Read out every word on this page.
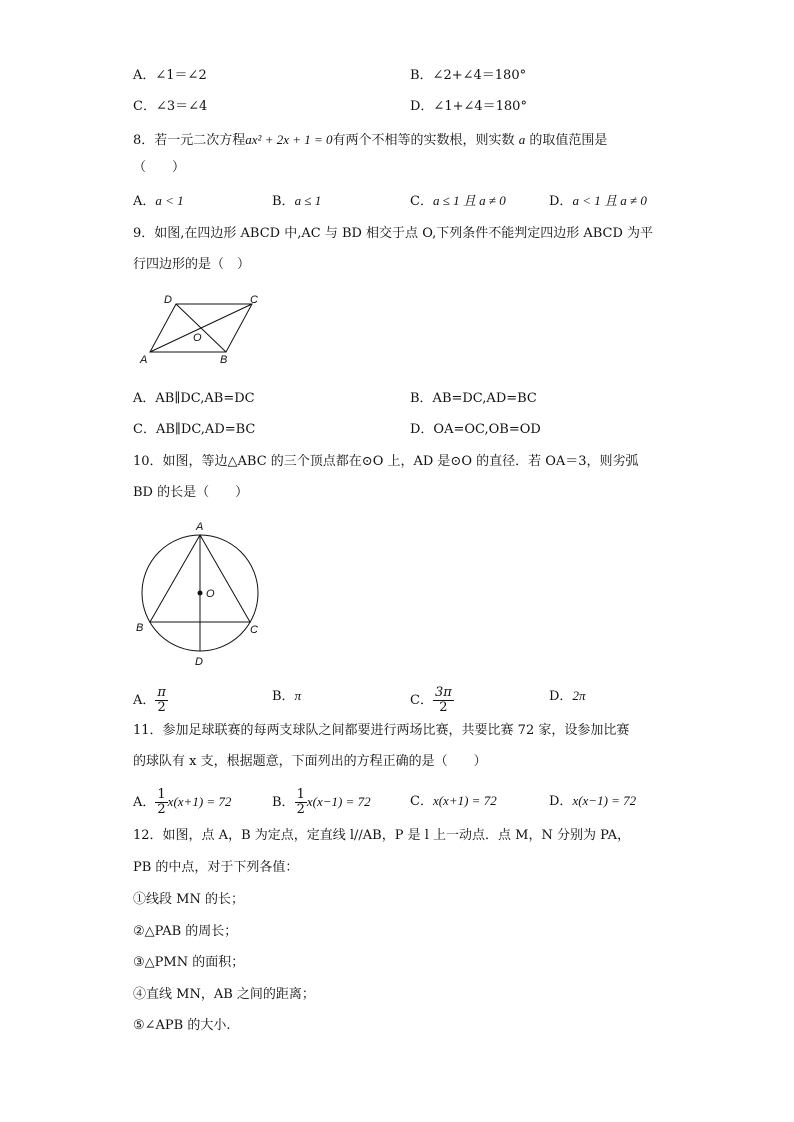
A．∠1＝∠2	B．∠2+∠4＝180°
C．∠3＝∠4	D．∠1+∠4＝180°
8．若一元二次方程ax² + 2x + 1 = 0有两个不相等的实数根，则实数 a 的取值范围是
（　　）
A．a < 1	B．a ≤ 1	C．a ≤ 1 且 a ≠ 0	D．a < 1 且 a ≠ 0
9．如图,在四边形 ABCD 中,AC 与 BD 相交于点 O,下列条件不能判定四边形 ABCD 为平
行四边形的是（　）
D	C
A	B
O
A．AB∥DC,AB=DC	B．AB=DC,AD=BC
C．AB∥DC,AD=BC	D．OA=OC,OB=OD
10．如图，等边△ABC 的三个顶点都在⊙O 上，AD 是⊙O 的直径．若 OA＝3，则劣弧
BD 的长是（　　）
A
B	C
D
O
A． $\frac{\pi}{2}$	B．π	C． $\frac{3\pi}{2}$	D．2π
11．参加足球联赛的每两支球队之间都要进行两场比赛，共要比赛 72 家，设参加比赛
的球队有 x 支，根据题意，下面列出的方程正确的是（　　）
A． $\frac{1}{2} x(x+1) = 72$	B． $\frac{1}{2} x(x-1) = 72$	C．x(x+1) = 72	D．x(x−1) = 72
12．如图，点 A，B 为定点，定直线 l//AB，P 是 l 上一动点．点 M，N 分别为 PA，
PB 的中点，对于下列各值：
①线段 MN 的长；
②△PAB 的周长；
③△PMN 的面积；
④直线 MN，AB 之间的距离；
⑤∠APB 的大小.
